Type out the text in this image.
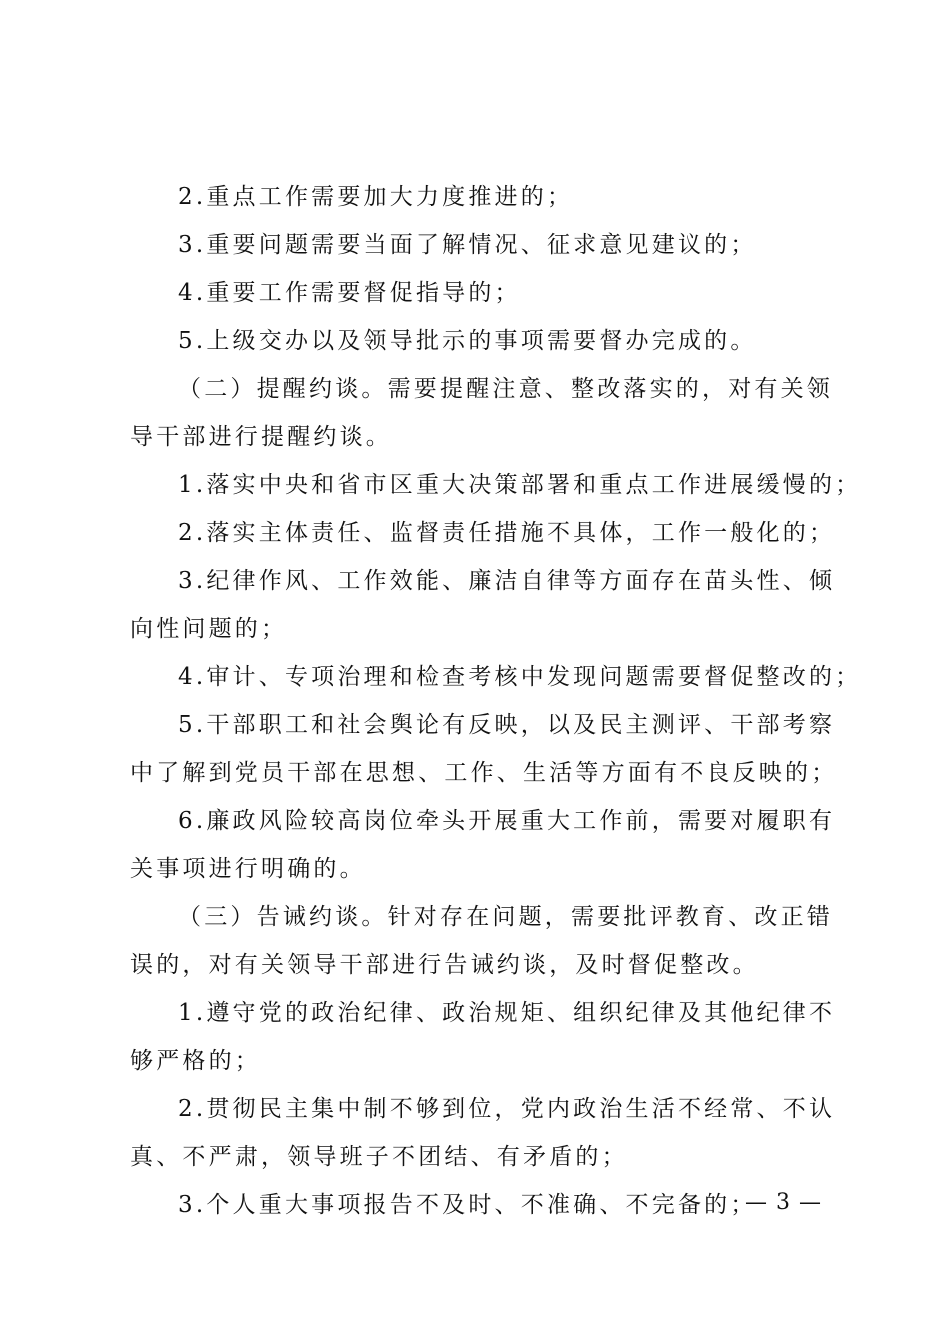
2.重点工作需要加大力度推进的；
3.重要问题需要当面了解情况、征求意见建议的；
4.重要工作需要督促指导的；
5.上级交办以及领导批示的事项需要督办完成的。
（二）提醒约谈。需要提醒注意、整改落实的，对有关领
导干部进行提醒约谈。
1.落实中央和省市区重大决策部署和重点工作进展缓慢的；
2.落实主体责任、监督责任措施不具体，工作一般化的；
3.纪律作风、工作效能、廉洁自律等方面存在苗头性、倾
向性问题的；
4.审计、专项治理和检查考核中发现问题需要督促整改的；
5.干部职工和社会舆论有反映，以及民主测评、干部考察
中了解到党员干部在思想、工作、生活等方面有不良反映的；
6.廉政风险较高岗位牵头开展重大工作前，需要对履职有
关事项进行明确的。
（三）告诫约谈。针对存在问题，需要批评教育、改正错
误的，对有关领导干部进行告诫约谈，及时督促整改。
1.遵守党的政治纪律、政治规矩、组织纪律及其他纪律不
够严格的；
2.贯彻民主集中制不够到位，党内政治生活不经常、不认
真、不严肃，领导班子不团结、有矛盾的；
3.个人重大事项报告不及时、不准确、不完备的；
— 3 —
